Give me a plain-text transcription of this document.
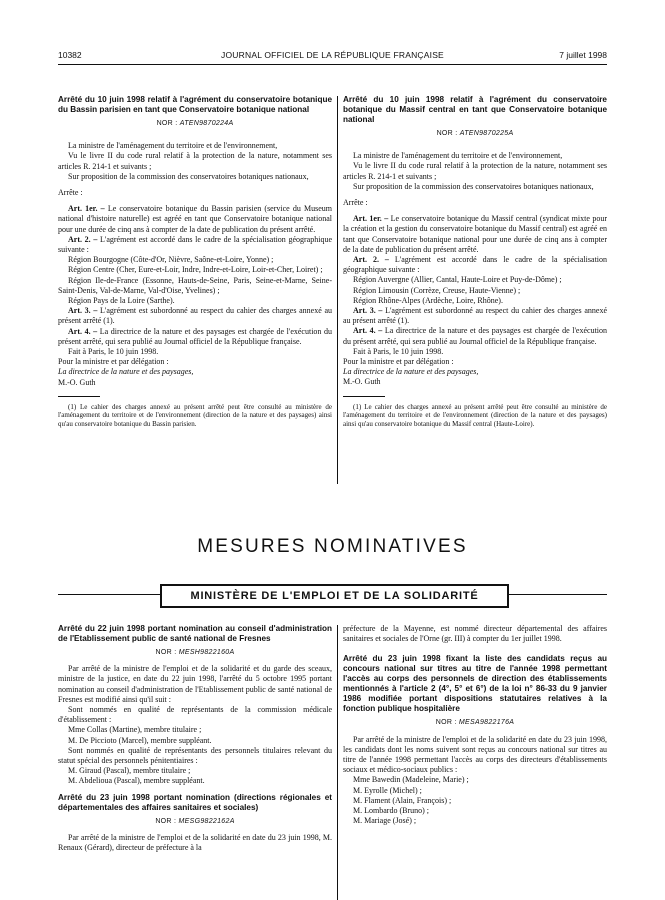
10382	JOURNAL OFFICIEL DE LA RÉPUBLIQUE FRANÇAISE	7 juillet 1998

Arrêté du 10 juin 1998 relatif à l'agrément du conservatoire botanique du Bassin parisien en tant que Conservatoire botanique national

NOR : ATEN9870224A

La ministre de l'aménagement du territoire et de l'environnement,

Vu le livre II du code rural relatif à la protection de la nature, notamment ses articles R. 214-1 et suivants ;

Sur proposition de la commission des conservatoires botaniques nationaux,

Arrête :

Art. 1er. – Le conservatoire botanique du Bassin parisien (service du Museum national d'histoire naturelle) est agréé en tant que Conservatoire botanique national pour une durée de cinq ans à compter de la date de publication du présent arrêté.

Art. 2. – L'agrément est accordé dans le cadre de la spécialisation géographique suivante :

Région Bourgogne (Côte-d'Or, Nièvre, Saône-et-Loire, Yonne) ;

Région Centre (Cher, Eure-et-Loir, Indre, Indre-et-Loire, Loir-et-Cher, Loiret) ;

Région Ile-de-France (Essonne, Hauts-de-Seine, Paris, Seine-et-Marne, Seine-Saint-Denis, Val-de-Marne, Val-d'Oise, Yvelines) ;

Région Pays de la Loire (Sarthe).

Art. 3. – L'agrément est subordonné au respect du cahier des charges annexé au présent arrêté (1).

Art. 4. – La directrice de la nature et des paysages est chargée de l'exécution du présent arrêté, qui sera publié au Journal officiel de la République française.

Fait à Paris, le 10 juin 1998.

Pour la ministre et par délégation :

La directrice de la nature et des paysages,

M.-O. Guth

(1) Le cahier des charges annexé au présent arrêté peut être consulté au ministère de l'aménagement du territoire et de l'environnement (direction de la nature et des paysages) ainsi qu'au conservatoire botanique du Bassin parisien.

Arrêté du 10 juin 1998 relatif à l'agrément du conservatoire botanique du Massif central en tant que Conservatoire botanique national

NOR : ATEN9870225A

La ministre de l'aménagement du territoire et de l'environnement,

Vu le livre II du code rural relatif à la protection de la nature, notamment ses articles R. 214-1 et suivants ;

Sur proposition de la commission des conservatoires botaniques nationaux,

Arrête :

Art. 1er. – Le conservatoire botanique du Massif central (syndicat mixte pour la création et la gestion du conservatoire botanique du Massif central) est agréé en tant que Conservatoire botanique national pour une durée de cinq ans à compter de la date de publication du présent arrêté.

Art. 2. – L'agrément est accordé dans le cadre de la spécialisation géographique suivante :

Région Auvergne (Allier, Cantal, Haute-Loire et Puy-de-Dôme) ;

Région Limousin (Corrèze, Creuse, Haute-Vienne) ;

Région Rhône-Alpes (Ardèche, Loire, Rhône).

Art. 3. – L'agrément est subordonné au respect du cahier des charges annexé au présent arrêté (1).

Art. 4. – La directrice de la nature et des paysages est chargée de l'exécution du présent arrêté, qui sera publié au Journal officiel de la République française.

Fait à Paris, le 10 juin 1998.

Pour la ministre et par délégation :

La directrice de la nature et des paysages,

M.-O. Guth

(1) Le cahier des charges annexé au présent arrêté peut être consulté au ministère de l'aménagement du territoire et de l'environnement (direction de la nature et des paysages) ainsi qu'au conservatoire botanique du Massif central (Haute-Loire).

MESURES NOMINATIVES
MINISTÈRE DE L'EMPLOI ET DE LA SOLIDARITÉ

Arrêté du 22 juin 1998 portant nomination au conseil d'administration de l'Etablissement public de santé national de Fresnes

NOR : MESH9822160A

Par arrêté de la ministre de l'emploi et de la solidarité et du garde des sceaux, ministre de la justice, en date du 22 juin 1998, l'arrêté du 5 octobre 1995 portant nomination au conseil d'administration de l'Etablissement public de santé national de Fresnes est modifié ainsi qu'il suit :

Sont nommés en qualité de représentants de la commission médicale d'établissement :

Mme Collas (Martine), membre titulaire ;

M. De Piccioto (Marcel), membre suppléant.

Sont nommés en qualité de représentants des personnels titulaires relevant du statut spécial des personnels pénitentiaires :

M. Giraud (Pascal), membre titulaire ;

M. Abdelioua (Pascal), membre suppléant.

Arrêté du 23 juin 1998 portant nomination (directions régionales et départementales des affaires sanitaires et sociales)

NOR : MESG9822162A

Par arrêté de la ministre de l'emploi et de la solidarité en date du 23 juin 1998, M. Renaux (Gérard), directeur de préfecture à la

préfecture de la Mayenne, est nommé directeur départemental des affaires sanitaires et sociales de l'Orne (gr. III) à compter du 1er juillet 1998.

Arrêté du 23 juin 1998 fixant la liste des candidats reçus au concours national sur titres au titre de l'année 1998 permettant l'accès au corps des personnels de direction des établissements mentionnés à l'article 2 (4°, 5° et 6°) de la loi n° 86-33 du 9 janvier 1986 modifiée portant dispositions statutaires relatives à la fonction publique hospitalière

NOR : MESA9822176A

Par arrêté de la ministre de l'emploi et de la solidarité en date du 23 juin 1998, les candidats dont les noms suivent sont reçus au concours national sur titres au titre de l'année 1998 permettant l'accès au corps des directeurs d'établissements sociaux et médico-sociaux publics :

Mme Bawedin (Madeleine, Marie) ;

M. Eyrolle (Michel) ;

M. Flament (Alain, François) ;

M. Lombardo (Bruno) ;

M. Mariage (José) ;
